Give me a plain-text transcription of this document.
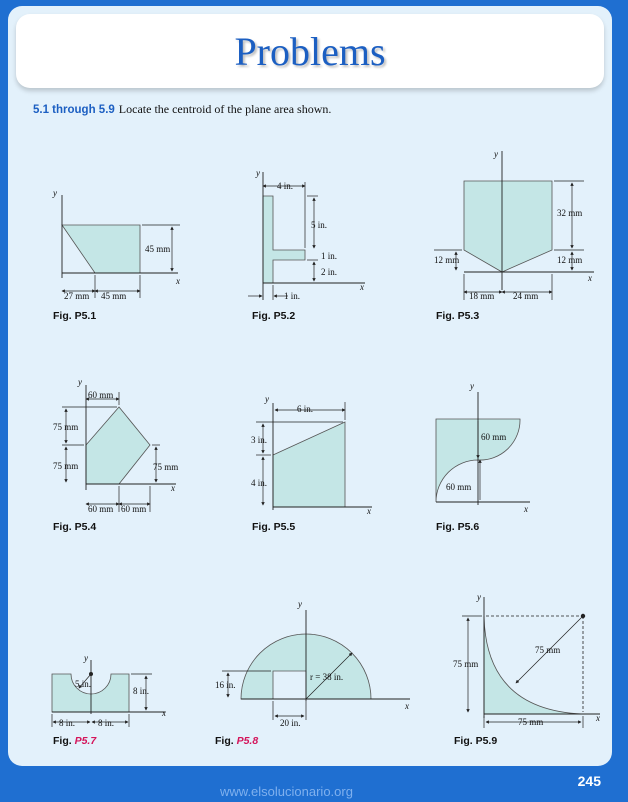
Problems
5.1 through 5.9 Locate the centroid of the plane area shown.
y
x
45 mm
27 mm 45 mm
y
x
4 in.
5 in.
1 in.
2 in.
1 in.
y
x
32 mm
12 mm	12 mm
18 mm 24 mm
y
x
60 mm
75 mm
75 mm	75 mm
60 mm 60 mm
y
x
6 in.
3 in.
4 in.
y
x
60 mm
60 mm
y
x
5 in.
8 in.
8 in.	8 in.
y
x
r = 38 in.
16 in.
20 in.
y
x
75 mm
75 mm
75 mm
Fig. P5.1	Fig. P5.2	Fig. P5.3
Fig. P5.4	Fig. P5.5	Fig. P5.6
Fig. P5.7	Fig. P5.8	Fig. P5.9
245
www.elsolucionario.org
